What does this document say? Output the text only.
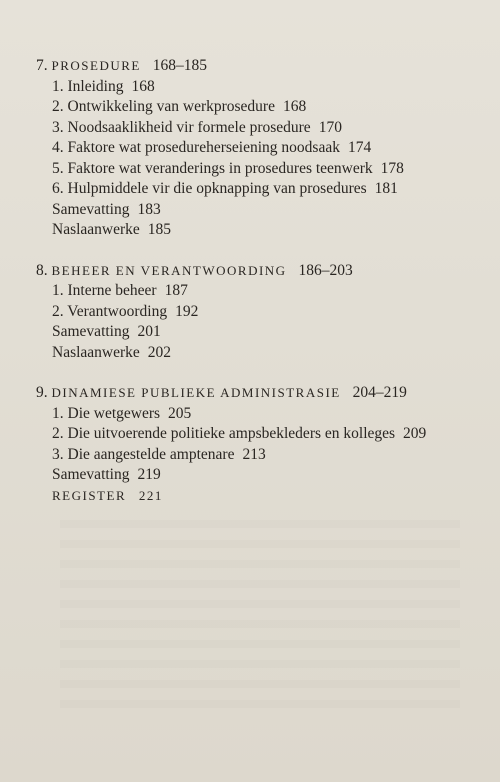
7. PROSEDURE 168–185
1. Inleiding 168
2. Ontwikkeling van werkprosedure 168
3. Noodsaaklikheid vir formele prosedure 170
4. Faktore wat prosedureherseiening noodsaak 174
5. Faktore wat veranderings in prosedures teenwerk 178
6. Hulpmiddele vir die opknapping van prosedures 181
Samevatting 183
Naslaanwerke 185
8. BEHEER EN VERANTWOORDING 186–203
1. Interne beheer 187
2. Verantwoording 192
Samevatting 201
Naslaanwerke 202
9. DINAMIESE PUBLIEKE ADMINISTRASIE 204–219
1. Die wetgewers 205
2. Die uitvoerende politieke ampsbekleders en kolleges 209
3. Die aangestelde amptenare 213
Samevatting 219
REGISTER 221
